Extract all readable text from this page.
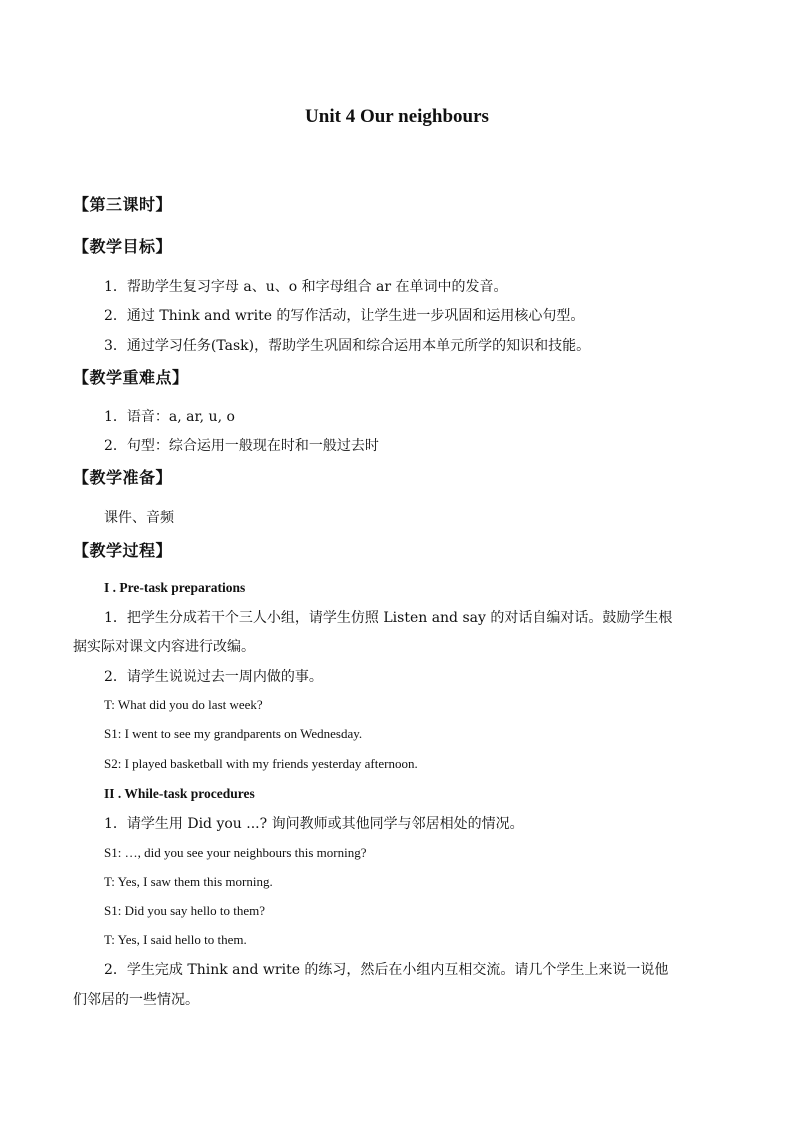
Unit 4 Our neighbours
【第三课时】
【教学目标】
1．帮助学生复习字母 a、u、o 和字母组合 ar 在单词中的发音。
2．通过 Think and write 的写作活动，让学生进一步巩固和运用核心句型。
3．通过学习任务(Task)，帮助学生巩固和综合运用本单元所学的知识和技能。
【教学重难点】
1．语音：a, ar, u, o
2．句型：综合运用一般现在时和一般过去时
【教学准备】
课件、音频
【教学过程】
I . Pre-task preparations
1．把学生分成若干个三人小组，请学生仿照 Listen and say 的对话自编对话。鼓励学生根
据实际对课文内容进行改编。
2．请学生说说过去一周内做的事。
T: What did you do last week?
S1: I went to see my grandparents on Wednesday.
S2: I played basketball with my friends yesterday afternoon.
II . While-task procedures
1．请学生用 Did you ...? 询问教师或其他同学与邻居相处的情况。
S1: …, did you see your neighbours this morning?
T: Yes, I saw them this morning.
S1: Did you say hello to them?
T: Yes, I said hello to them.
2．学生完成 Think and write 的练习，然后在小组内互相交流。请几个学生上来说一说他
们邻居的一些情况。
